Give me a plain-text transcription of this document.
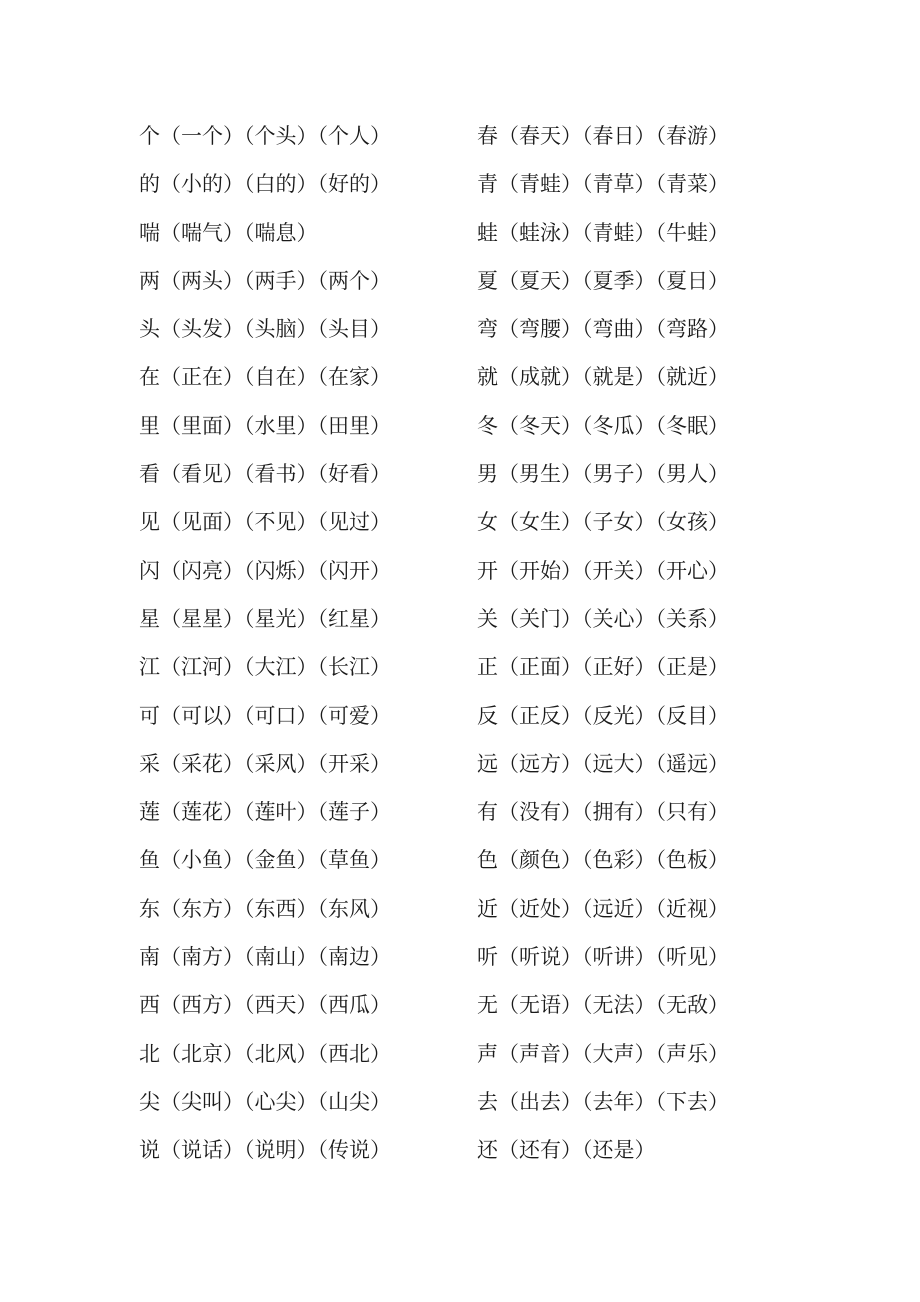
个（一个）（个头）（个人）
的（小的）（白的）（好的）
喘（喘气）（喘息）
两（两头）（两手）（两个）
头（头发）（头脑）（头目）
在（正在）（自在）（在家）
里（里面）（水里）（田里）
看（看见）（看书）（好看）
见（见面）（不见）（见过）
闪（闪亮）（闪烁）（闪开）
星（星星）（星光）（红星）
江（江河）（大江）（长江）
可（可以）（可口）（可爱）
采（采花）（采风）（开采）
莲（莲花）（莲叶）（莲子）
鱼（小鱼）（金鱼）（草鱼）
东（东方）（东西）（东风）
南（南方）（南山）（南边）
西（西方）（西天）（西瓜）
北（北京）（北风）（西北）
尖（尖叫）（心尖）（山尖）
说（说话）（说明）（传说）
春（春天）（春日）（春游）
青（青蛙）（青草）（青菜）
蛙（蛙泳）（青蛙）（牛蛙）
夏（夏天）（夏季）（夏日）
弯（弯腰）（弯曲）（弯路）
就（成就）（就是）（就近）
冬（冬天）（冬瓜）（冬眠）
男（男生）（男子）（男人）
女（女生）（子女）（女孩）
开（开始）（开关）（开心）
关（关门）（关心）（关系）
正（正面）（正好）（正是）
反（正反）（反光）（反目）
远（远方）（远大）（遥远）
有（没有）（拥有）（只有）
色（颜色）（色彩）（色板）
近（近处）（远近）（近视）
听（听说）（听讲）（听见）
无（无语）（无法）（无敌）
声（声音）（大声）（声乐）
去（出去）（去年）（下去）
还（还有）（还是）
